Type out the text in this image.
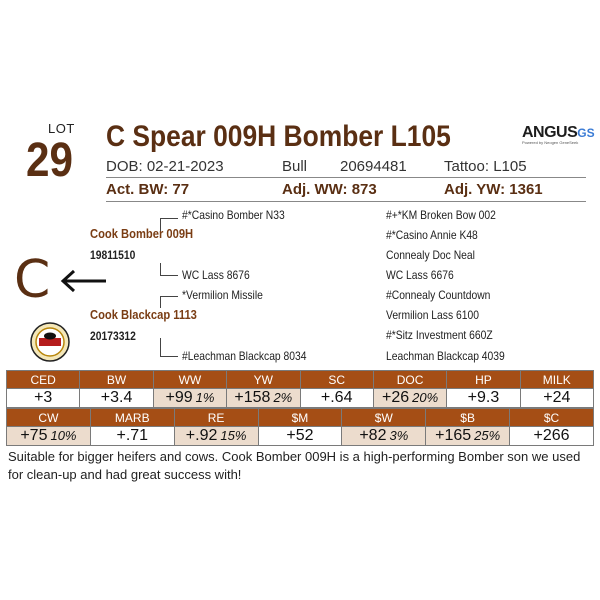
LOT
29 C Spear 009H Bomber L105	ANGUSGS
Powered by Neogen GeneSeek
DOB: 02-21-2023	Bull 20694481 Tattoo: L105
Act. BW: 77	Adj. WW: 873	Adj. YW: 1361
#*Casino Bomber N33
Cook Bomber 009H
19811510
WC Lass 8676
*Vermilion Missile
Cook Blackcap 1113
20173312
#Leachman Blackcap 8034
#+*KM Broken Bow 002
#*Casino Annie K48
Connealy Doc Neal
WC Lass 6676
#Connealy Countdown
Vermilion Lass 6100
#*Sitz Investment 660Z
Leachman Blackcap 4039
C
CED	BW	WW	YW	SC	DOC	HP	MILK
+3	+3.4	+99 1%	+158 2%	+.64	+26 20%	+9.3	+24
CW	MARB	RE	$M	$W	$B	$C
+75 10%	+.71	+.92 15%	+52	+82 3%	+165 25%	+266
Suitable for bigger heifers and cows. Cook Bomber 009H is a high-performing Bomber son we used for clean-up and had great success with!
